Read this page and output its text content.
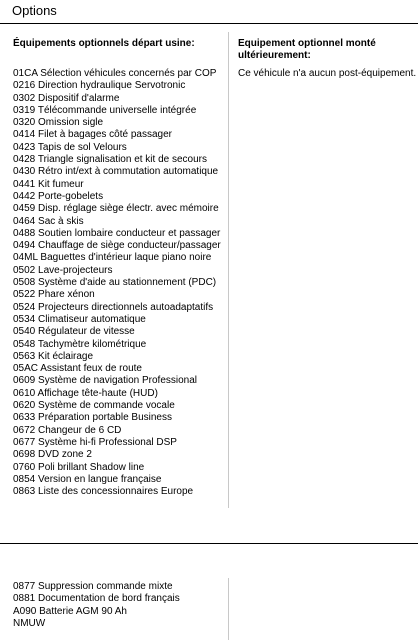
Options
Équipements optionnels départ usine:
01CA Sélection véhicules concernés par COP
0216 Direction hydraulique Servotronic
0302 Dispositif d'alarme
0319 Télécommande universelle intégrée
0320 Omission sigle
0414 Filet à bagages côté passager
0423 Tapis de sol Velours
0428 Triangle signalisation et kit de secours
0430 Rétro int/ext à commutation automatique
0441 Kit fumeur
0442 Porte-gobelets
0459 Disp. réglage siège électr. avec mémoire
0464 Sac à skis
0488 Soutien lombaire conducteur et passager
0494 Chauffage de siège conducteur/passager
04ML Baguettes d'intérieur laque piano noire
0502 Lave-projecteurs
0508 Système d'aide au stationnement (PDC)
0522 Phare xénon
0524 Projecteurs directionnels autoadaptatifs
0534 Climatiseur automatique
0540 Régulateur de vitesse
0548 Tachymètre kilométrique
0563 Kit éclairage
05AC Assistant feux de route
0609 Système de navigation Professional
0610 Affichage tête-haute (HUD)
0620 Système de commande vocale
0633 Préparation portable Business
0672 Changeur de 6 CD
0677 Système hi-fi Professional DSP
0698 DVD zone 2
0760 Poli brillant Shadow line
0854 Version en langue française
0863 Liste des concessionnaires Europe
Equipement optionnel monté ultérieurement:
Ce véhicule n'a aucun post-équipement.
0877 Suppression commande mixte
0881 Documentation de bord français
A090 Batterie AGM 90 Ah
NMUW
